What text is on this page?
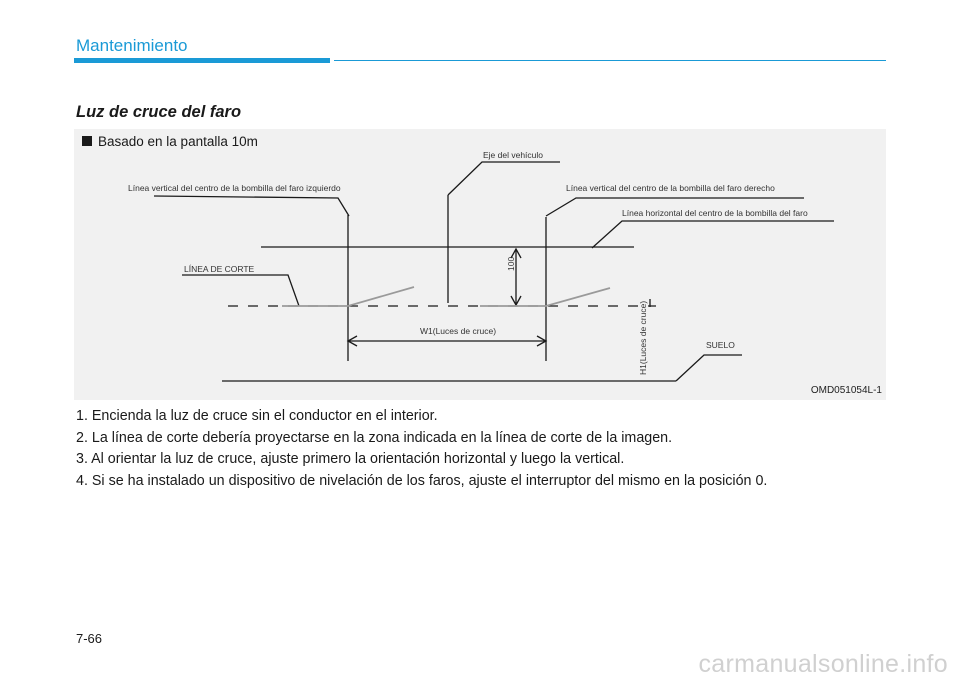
Mantenimiento
Luz de cruce del faro
Basado en la pantalla 10m
Eje del vehículo
Línea vertical del centro de la bombilla del faro izquierdo	Línea vertical del centro de la bombilla del faro derecho
Línea horizontal del centro de la bombilla del faro
LÍNEA DE CORTE	100
W1(Luces de cruce)	H1(Luces de cruce)	SUELO
OMD051054L-1
1. Encienda la luz de cruce sin el conductor en el interior.
2. La línea de corte debería proyectarse en la zona indicada en la línea de corte de la imagen.
3. Al orientar la luz de cruce, ajuste primero la orientación horizontal y luego la vertical.
4. Si se ha instalado un dispositivo de nivelación de los faros, ajuste el interruptor del mismo en la posición 0.
7-66
carmanualsonline.info
